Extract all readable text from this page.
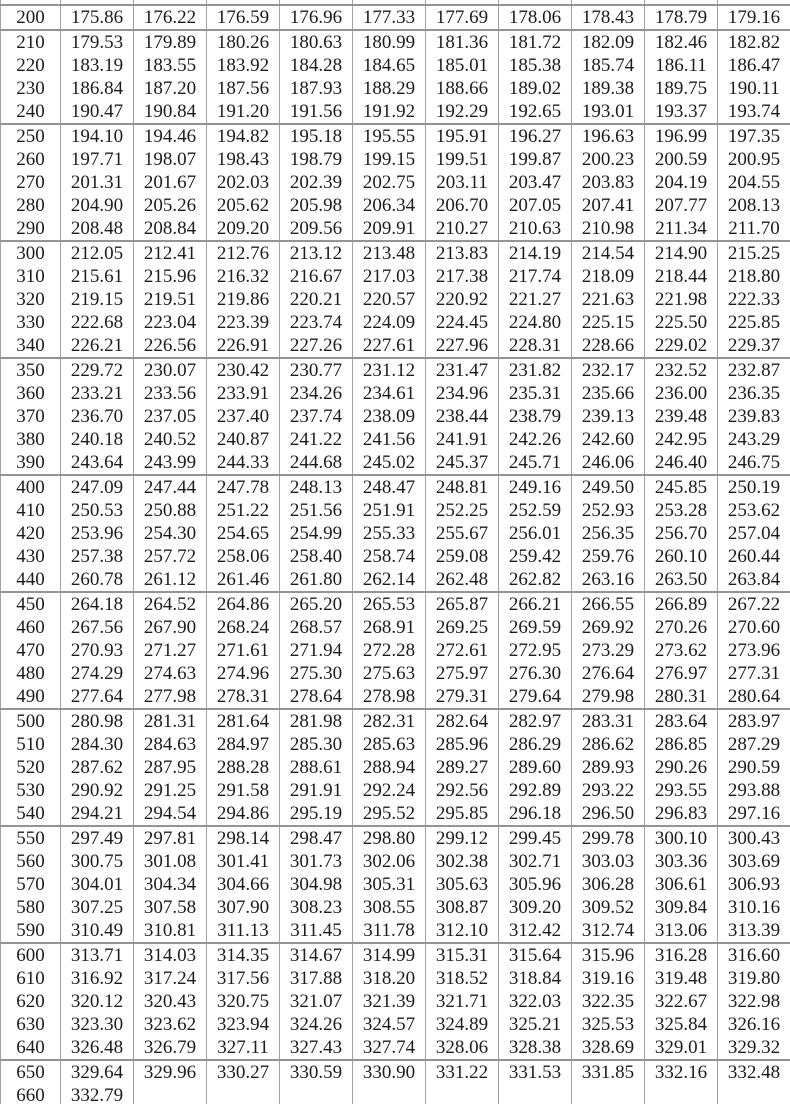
200	175.86	176.22	176.59	176.96	177.33	177.69	178.06	178.43	178.79	179.16
210	179.53	179.89	180.26	180.63	180.99	181.36	181.72	182.09	182.46	182.82
220	183.19	183.55	183.92	184.28	184.65	185.01	185.38	185.74	186.11	186.47
230	186.84	187.20	187.56	187.93	188.29	188.66	189.02	189.38	189.75	190.11
240	190.47	190.84	191.20	191.56	191.92	192.29	192.65	193.01	193.37	193.74
250	194.10	194.46	194.82	195.18	195.55	195.91	196.27	196.63	196.99	197.35
260	197.71	198.07	198.43	198.79	199.15	199.51	199.87	200.23	200.59	200.95
270	201.31	201.67	202.03	202.39	202.75	203.11	203.47	203.83	204.19	204.55
280	204.90	205.26	205.62	205.98	206.34	206.70	207.05	207.41	207.77	208.13
290	208.48	208.84	209.20	209.56	209.91	210.27	210.63	210.98	211.34	211.70
300	212.05	212.41	212.76	213.12	213.48	213.83	214.19	214.54	214.90	215.25
310	215.61	215.96	216.32	216.67	217.03	217.38	217.74	218.09	218.44	218.80
320	219.15	219.51	219.86	220.21	220.57	220.92	221.27	221.63	221.98	222.33
330	222.68	223.04	223.39	223.74	224.09	224.45	224.80	225.15	225.50	225.85
340	226.21	226.56	226.91	227.26	227.61	227.96	228.31	228.66	229.02	229.37
350	229.72	230.07	230.42	230.77	231.12	231.47	231.82	232.17	232.52	232.87
360	233.21	233.56	233.91	234.26	234.61	234.96	235.31	235.66	236.00	236.35
370	236.70	237.05	237.40	237.74	238.09	238.44	238.79	239.13	239.48	239.83
380	240.18	240.52	240.87	241.22	241.56	241.91	242.26	242.60	242.95	243.29
390	243.64	243.99	244.33	244.68	245.02	245.37	245.71	246.06	246.40	246.75
400	247.09	247.44	247.78	248.13	248.47	248.81	249.16	249.50	245.85	250.19
410	250.53	250.88	251.22	251.56	251.91	252.25	252.59	252.93	253.28	253.62
420	253.96	254.30	254.65	254.99	255.33	255.67	256.01	256.35	256.70	257.04
430	257.38	257.72	258.06	258.40	258.74	259.08	259.42	259.76	260.10	260.44
440	260.78	261.12	261.46	261.80	262.14	262.48	262.82	263.16	263.50	263.84
450	264.18	264.52	264.86	265.20	265.53	265.87	266.21	266.55	266.89	267.22
460	267.56	267.90	268.24	268.57	268.91	269.25	269.59	269.92	270.26	270.60
470	270.93	271.27	271.61	271.94	272.28	272.61	272.95	273.29	273.62	273.96
480	274.29	274.63	274.96	275.30	275.63	275.97	276.30	276.64	276.97	277.31
490	277.64	277.98	278.31	278.64	278.98	279.31	279.64	279.98	280.31	280.64
500	280.98	281.31	281.64	281.98	282.31	282.64	282.97	283.31	283.64	283.97
510	284.30	284.63	284.97	285.30	285.63	285.96	286.29	286.62	286.85	287.29
520	287.62	287.95	288.28	288.61	288.94	289.27	289.60	289.93	290.26	290.59
530	290.92	291.25	291.58	291.91	292.24	292.56	292.89	293.22	293.55	293.88
540	294.21	294.54	294.86	295.19	295.52	295.85	296.18	296.50	296.83	297.16
550	297.49	297.81	298.14	298.47	298.80	299.12	299.45	299.78	300.10	300.43
560	300.75	301.08	301.41	301.73	302.06	302.38	302.71	303.03	303.36	303.69
570	304.01	304.34	304.66	304.98	305.31	305.63	305.96	306.28	306.61	306.93
580	307.25	307.58	307.90	308.23	308.55	308.87	309.20	309.52	309.84	310.16
590	310.49	310.81	311.13	311.45	311.78	312.10	312.42	312.74	313.06	313.39
600	313.71	314.03	314.35	314.67	314.99	315.31	315.64	315.96	316.28	316.60
610	316.92	317.24	317.56	317.88	318.20	318.52	318.84	319.16	319.48	319.80
620	320.12	320.43	320.75	321.07	321.39	321.71	322.03	322.35	322.67	322.98
630	323.30	323.62	323.94	324.26	324.57	324.89	325.21	325.53	325.84	326.16
640	326.48	326.79	327.11	327.43	327.74	328.06	328.38	328.69	329.01	329.32
650	329.64	329.96	330.27	330.59	330.90	331.22	331.53	331.85	332.16	332.48
660	332.79									
